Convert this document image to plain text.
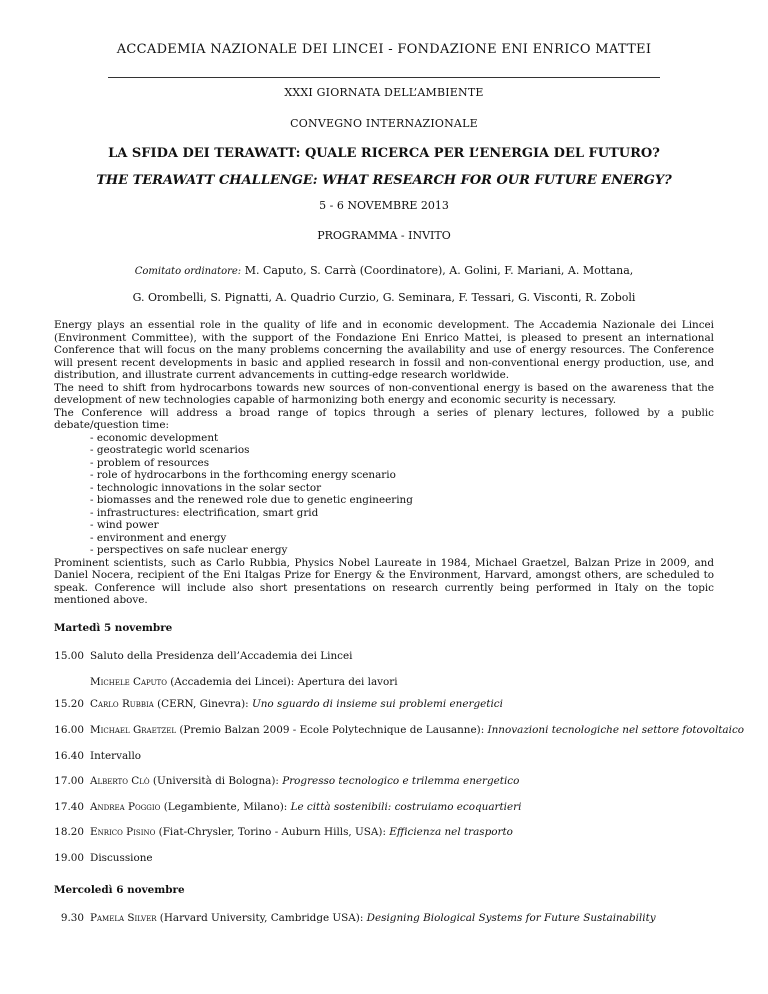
ACCADEMIA NAZIONALE DEI LINCEI - FONDAZIONE ENI ENRICO MATTEI
XXXI GIORNATA DELL’AMBIENTE
CONVEGNO INTERNAZIONALE
LA SFIDA DEI TERAWATT: QUALE RICERCA PER L’ENERGIA DEL FUTURO?
THE TERAWATT CHALLENGE: WHAT RESEARCH FOR OUR FUTURE ENERGY?
5 - 6 NOVEMBRE 2013
PROGRAMMA - INVITO
Comitato ordinatore: M. Caputo, S. Carrà (Coordinatore), A. Golini, F. Mariani, A. Mottana,
G. Orombelli, S. Pignatti, A. Quadrio Curzio, G. Seminara, F. Tessari, G. Visconti, R. Zoboli

Energy plays an essential role in the quality of life and in economic development. The Accademia Nazionale dei Lincei (Environment Committee), with the support of the Fondazione Eni Enrico Mattei, is pleased to present an international Conference that will focus on the many problems concerning the availability and use of energy resources. The Conference will present recent developments in basic and applied research in fossil and non-conventional energy production, use, and distribution, and illustrate current advancements in cutting-edge research worldwide.

The need to shift from hydrocarbons towards new sources of non-conventional energy is based on the awareness that the development of new technologies capable of harmonizing both energy and economic security is necessary.

The Conference will address a broad range of topics through a series of plenary lectures, followed by a public debate/question time:

- economic development
- geostrategic world scenarios
- problem of resources
- role of hydrocarbons in the forthcoming energy scenario
- technologic innovations in the solar sector
- biomasses and the renewed role due to genetic engineering
- infrastructures: electrification, smart grid
- wind power
- environment and energy
- perspectives on safe nuclear energy

Prominent scientists, such as Carlo Rubbia, Physics Nobel Laureate in 1984, Michael Graetzel, Balzan Prize in 2009, and Daniel Nocera, recipient of the Eni Italgas Prize for Energy & the Environment, Harvard, amongst others, are scheduled to speak. Conference will include also short presentations on research currently being performed in Italy on the topic mentioned above.

Martedì 5 novembre
15.00 Saluto della Presidenza dell’Accademia dei Lincei
Michele Caputo (Accademia dei Lincei): Apertura dei lavori
15.20 Carlo Rubbia (CERN, Ginevra): Uno sguardo di insieme sui problemi energetici
16.00 Michael Graetzel (Premio Balzan 2009 - Ecole Polytechnique de Lausanne): Innovazioni tecnologiche nel settore fotovoltaico
16.40 Intervallo
17.00 Alberto Clò (Università di Bologna): Progresso tecnologico e trilemma energetico
17.40 Andrea Poggio (Legambiente, Milano): Le città sostenibili: costruiamo ecoquartieri
18.20 Enrico Pisino (Fiat-Chrysler, Torino - Auburn Hills, USA): Efficienza nel trasporto
19.00 Discussione
Mercoledì 6 novembre
9.30 Pamela Silver (Harvard University, Cambridge USA): Designing Biological Systems for Future Sustainability
